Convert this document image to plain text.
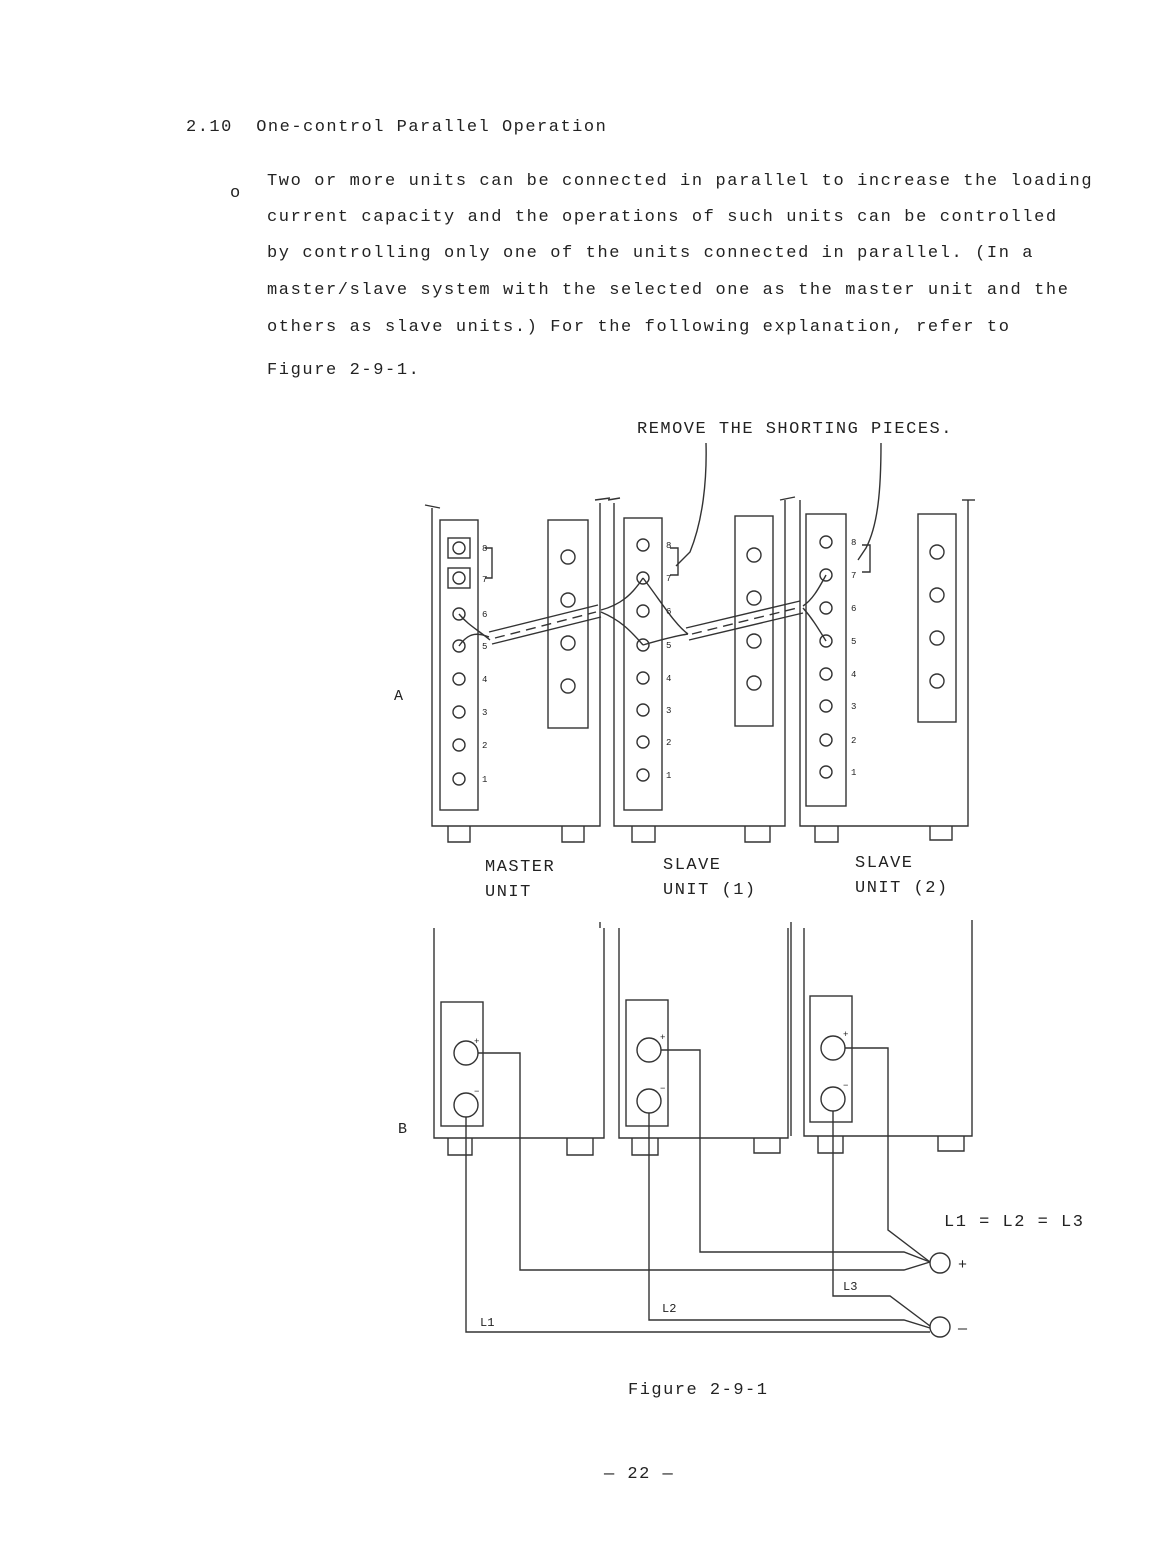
2.10 One-control Parallel Operation
o
Two or more units can be connected in parallel to increase the loading
current capacity and the operations of such units can be controlled
by controlling only one of the units connected in parallel. (In a
master/slave system with the selected one as the master unit and the
others as slave units.) For the following explanation, refer to
Figure 2-9-1.
REMOVE THE SHORTING PIECES.
A
8
7
6
5
4
3
2
1
8
7
6
5
4
3
2
1
8
7
6
5
4
3
2
1
MASTER
UNIT
SLAVE
UNIT (1)
SLAVE
UNIT (2)
B
+
−
+
−
+
−
+
—
L1 = L2 = L3
L1
L2
L3
Figure 2-9-1
— 22 —
